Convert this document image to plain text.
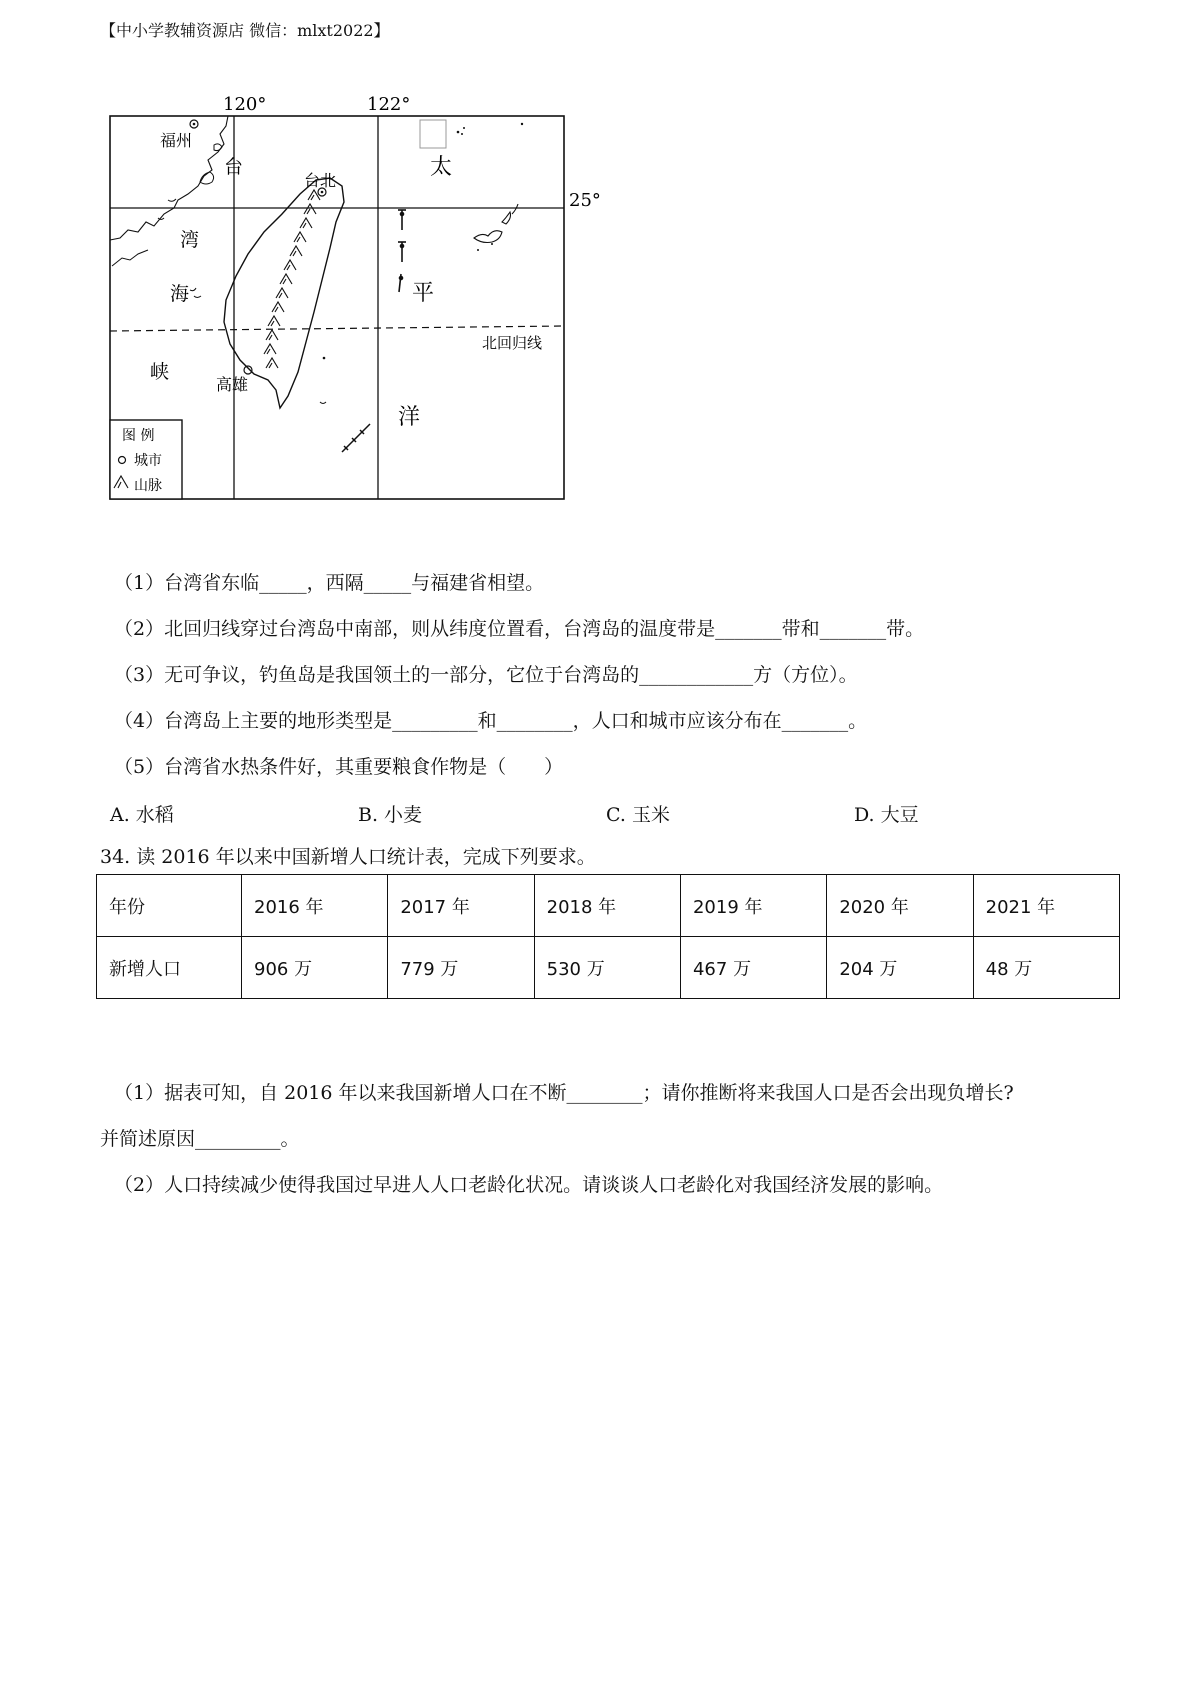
【中小学教辅资源店 微信：mlxt2022】
120°	122°
25°
北回归线
福州
台北
高雄
台
湾
海
峡
太
平
洋
图 例
城市
山脉
（1）台湾省东临_____，西隔_____与福建省相望。
（2）北回归线穿过台湾岛中南部，则从纬度位置看，台湾岛的温度带是_______带和_______带。
（3）无可争议，钓鱼岛是我国领土的一部分，它位于台湾岛的____________方（方位）。
（4）台湾岛上主要的地形类型是_________和________，人口和城市应该分布在_______。
（5）台湾省水热条件好，其重要粮食作物是（　　）
A. 水稻	B. 小麦	C. 玉米	D. 大豆
34. 读 2016 年以来中国新增人口统计表，完成下列要求。
年份	2016 年	2017 年	2018 年	2019 年	2020 年	2021 年
新增人口	906 万	779 万	530 万	467 万	204 万	48 万
（1）据表可知，自 2016 年以来我国新增人口在不断________；请你推断将来我国人口是否会出现负增长?
并简述原因_________。
（2）人口持续减少使得我国过早进人人口老龄化状况。请谈谈人口老龄化对我国经济发展的影响。
